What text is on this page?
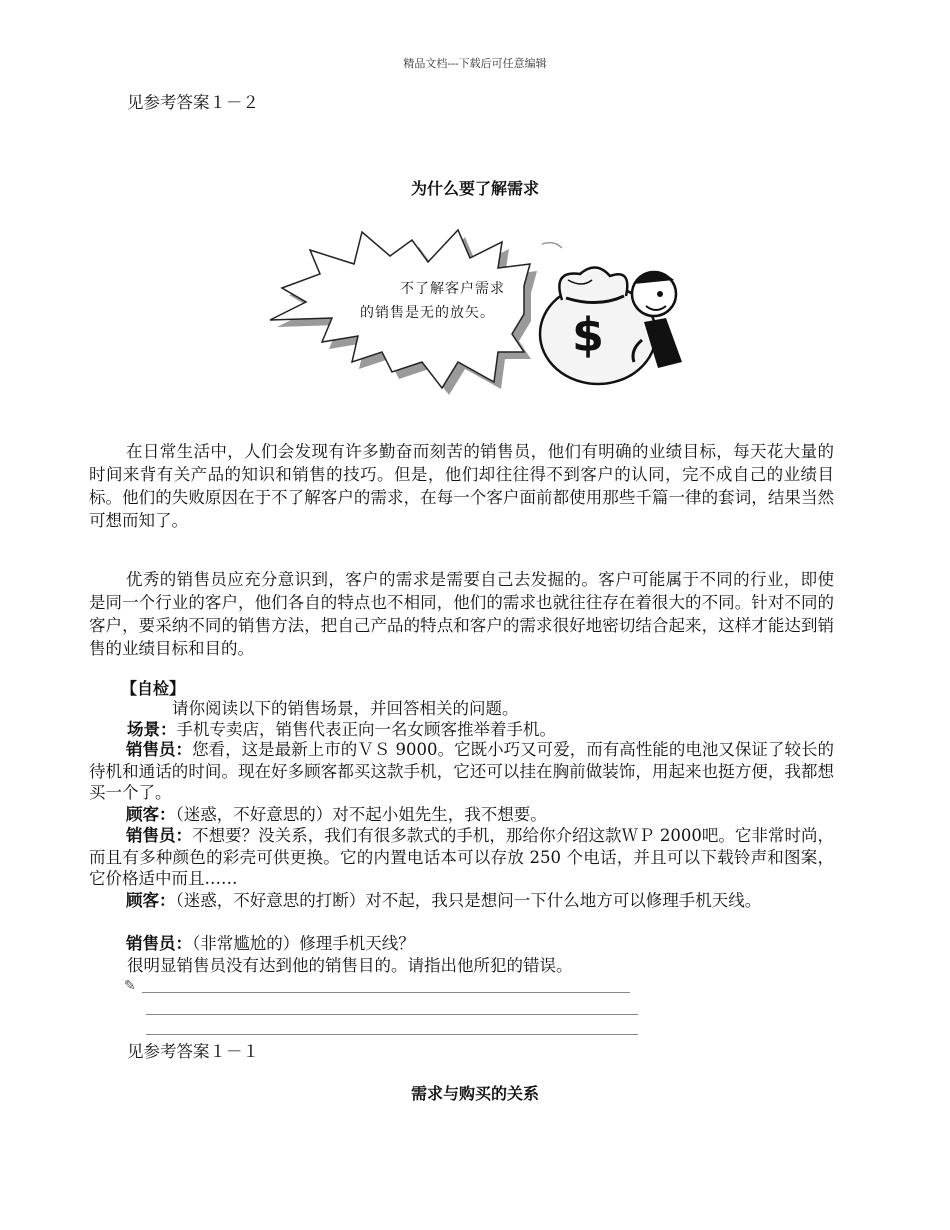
精品文档---下载后可任意编辑
见参考答案１－２
为什么要了解需求
不了解客户需求
的销售是无的放矢。 $
在日常生活中，人们会发现有许多勤奋而刻苦的销售员，他们有明确的业绩目标，每天花大量的时间来背有关产品的知识和销售的技巧。但是，他们却往往得不到客户的认同，完不成自己的业绩目标。他们的失败原因在于不了解客户的需求，在每一个客户面前都使用那些千篇一律的套词，结果当然可想而知了。
优秀的销售员应充分意识到，客户的需求是需要自己去发掘的。客户可能属于不同的行业，即使是同一个行业的客户，他们各自的特点也不相同，他们的需求也就往往存在着很大的不同。针对不同的客户，要采纳不同的销售方法，把自己产品的特点和客户的需求很好地密切结合起来，这样才能达到销售的业绩目标和目的。
【自检】
请你阅读以下的销售场景，并回答相关的问题。
场景：手机专卖店，销售代表正向一名女顾客推举着手机。
销售员：您看，这是最新上市的ＶＳ 9000。它既小巧又可爱，而有高性能的电池又保证了较长的待机和通话的时间。现在好多顾客都买这款手机，它还可以挂在胸前做装饰，用起来也挺方便，我都想买一个了。
顾客：（迷惑，不好意思的）对不起小姐先生，我不想要。
销售员：不想要？没关系，我们有很多款式的手机，那给你介绍这款ＷＰ 2000吧。它非常时尚，而且有多种颜色的彩壳可供更换。它的内置电话本可以存放 250 个电话，并且可以下载铃声和图案，它价格适中而且……
顾客：（迷惑，不好意思的打断）对不起，我只是想问一下什么地方可以修理手机天线。
销售员：（非常尴尬的）修理手机天线？
很明显销售员没有达到他的销售目的。请指出他所犯的错误。
✎
见参考答案１－１
需求与购买的关系
